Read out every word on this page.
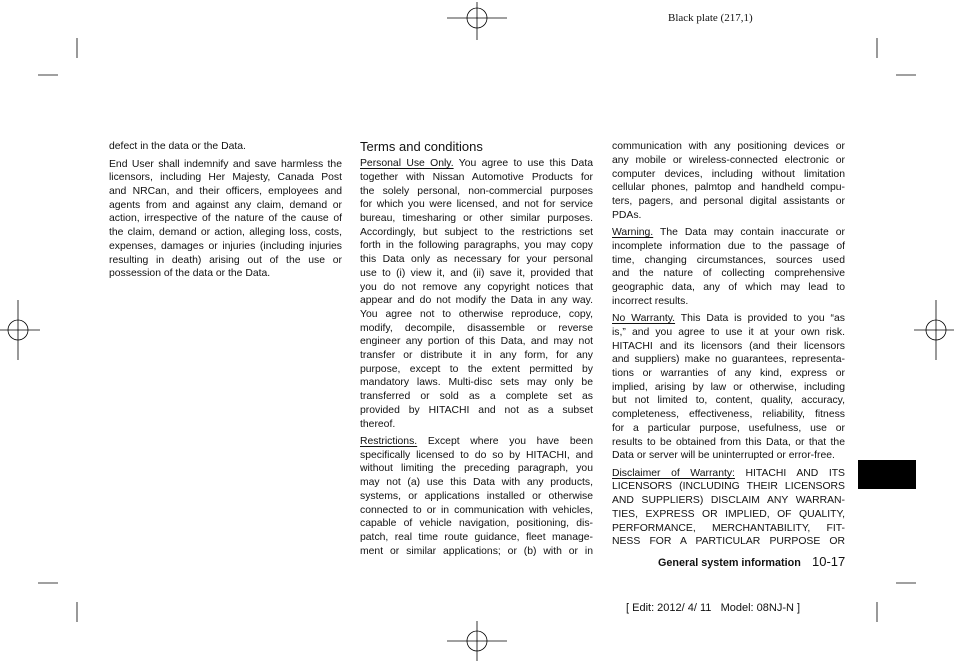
Black plate (217,1)
defect in the data or the Data.
End User shall indemnify and save harmless the
licensors, including Her Majesty, Canada Post
and NRCan, and their officers, employees and
agents from and against any claim, demand or
action, irrespective of the nature of the cause of
the claim, demand or action, alleging loss, costs,
expenses, damages or injuries (including injuries
resulting in death) arising out of the use or
possession of the data or the Data.
Terms and conditions
Personal Use Only. You agree to use this Data
together with Nissan Automotive Products for
the solely personal, non-commercial purposes
for which you were licensed, and not for service
bureau, timesharing or other similar purposes.
Accordingly, but subject to the restrictions set
forth in the following paragraphs, you may copy
this Data only as necessary for your personal
use to (i) view it, and (ii) save it, provided that
you do not remove any copyright notices that
appear and do not modify the Data in any way.
You agree not to otherwise reproduce, copy,
modify, decompile, disassemble or reverse
engineer any portion of this Data, and may not
transfer or distribute it in any form, for any
purpose, except to the extent permitted by
mandatory laws. Multi-disc sets may only be
transferred or sold as a complete set as
provided by HITACHI and not as a subset
thereof.
Restrictions. Except where you have been
specifically licensed to do so by HITACHI, and
without limiting the preceding paragraph, you
may not (a) use this Data with any products,
systems, or applications installed or otherwise
connected to or in communication with vehicles,
capable of vehicle navigation, positioning, dis-
patch, real time route guidance, fleet manage-
ment or similar applications; or (b) with or in
communication with any positioning devices or
any mobile or wireless-connected electronic or
computer devices, including without limitation
cellular phones, palmtop and handheld compu-
ters, pagers, and personal digital assistants or
PDAs.
Warning. The Data may contain inaccurate or
incomplete information due to the passage of
time, changing circumstances, sources used
and the nature of collecting comprehensive
geographic data, any of which may lead to
incorrect results.
No Warranty. This Data is provided to you “as
is,” and you agree to use it at your own risk.
HITACHI and its licensors (and their licensors
and suppliers) make no guarantees, representa-
tions or warranties of any kind, express or
implied, arising by law or otherwise, including
but not limited to, content, quality, accuracy,
completeness, effectiveness, reliability, fitness
for a particular purpose, usefulness, use or
results to be obtained from this Data, or that the
Data or server will be uninterrupted or error-free.
Disclaimer of Warranty: HITACHI AND ITS
LICENSORS (INCLUDING THEIR LICENSORS
AND SUPPLIERS) DISCLAIM ANY WARRAN-
TIES, EXPRESS OR IMPLIED, OF QUALITY,
PERFORMANCE, MERCHANTABILITY, FIT-
NESS FOR A PARTICULAR PURPOSE OR
General system information 10-17
[ Edit: 2012/ 4/ 11   Model: 08NJ-N ]
